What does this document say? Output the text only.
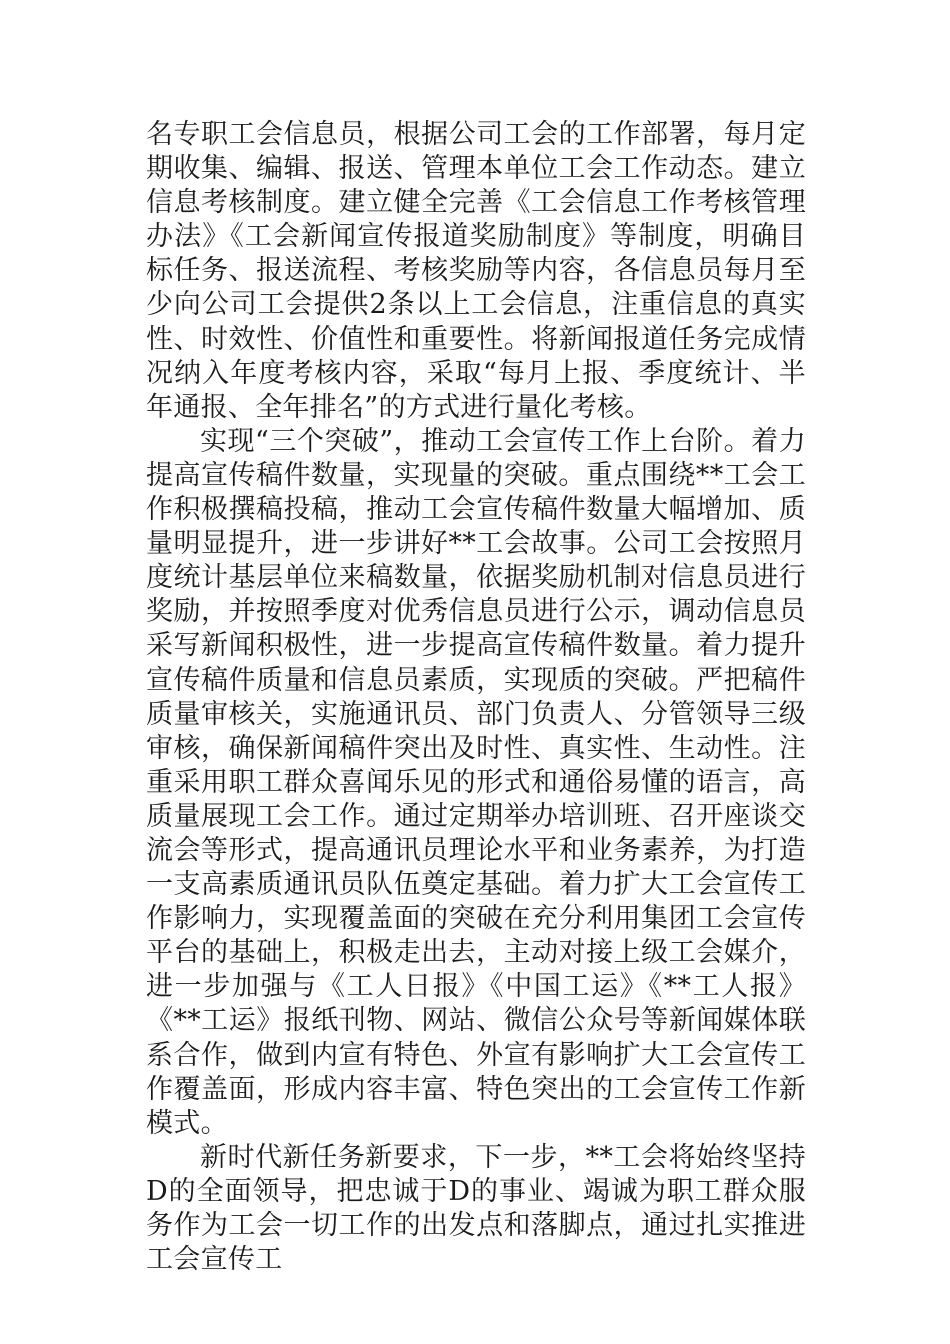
名专职工会信息员，根据公司工会的工作部署，每月定期收集、编辑、报送、管理本单位工会工作动态。建立信息考核制度。建立健全完善《工会信息工作考核管理办法》《工会新闻宣传报道奖励制度》等制度，明确目标任务、报送流程、考核奖励等内容，各信息员每月至少向公司工会提供2条以上工会信息，注重信息的真实性、时效性、价值性和重要性。将新闻报道任务完成情况纳入年度考核内容，采取“每月上报、季度统计、半年通报、全年排名”的方式进行量化考核。

实现“三个突破”，推动工会宣传工作上台阶。着力提高宣传稿件数量，实现量的突破。重点围绕**工会工作积极撰稿投稿，推动工会宣传稿件数量大幅增加、质量明显提升，进一步讲好**工会故事。公司工会按照月度统计基层单位来稿数量，依据奖励机制对信息员进行奖励，并按照季度对优秀信息员进行公示，调动信息员采写新闻积极性，进一步提高宣传稿件数量。着力提升宣传稿件质量和信息员素质，实现质的突破。严把稿件质量审核关，实施通讯员、部门负责人、分管领导三级审核，确保新闻稿件突出及时性、真实性、生动性。注重采用职工群众喜闻乐见的形式和通俗易懂的语言，高质量展现工会工作。通过定期举办培训班、召开座谈交流会等形式，提高通讯员理论水平和业务素养，为打造一支高素质通讯员队伍奠定基础。着力扩大工会宣传工作影响力，实现覆盖面的突破在充分利用集团工会宣传平台的基础上，积极走出去，主动对接上级工会媒介，进一步加强与《工人日报》《中国工运》《**工人报》《**工运》报纸刊物、网站、微信公众号等新闻媒体联系合作，做到内宣有特色、外宣有影响扩大工会宣传工作覆盖面，形成内容丰富、特色突出的工会宣传工作新模式。

新时代新任务新要求，下一步，**工会将始终坚持D的全面领导，把忠诚于D的事业、竭诚为职工群众服务作为工会一切工作的出发点和落脚点，通过扎实推进工会宣传工
